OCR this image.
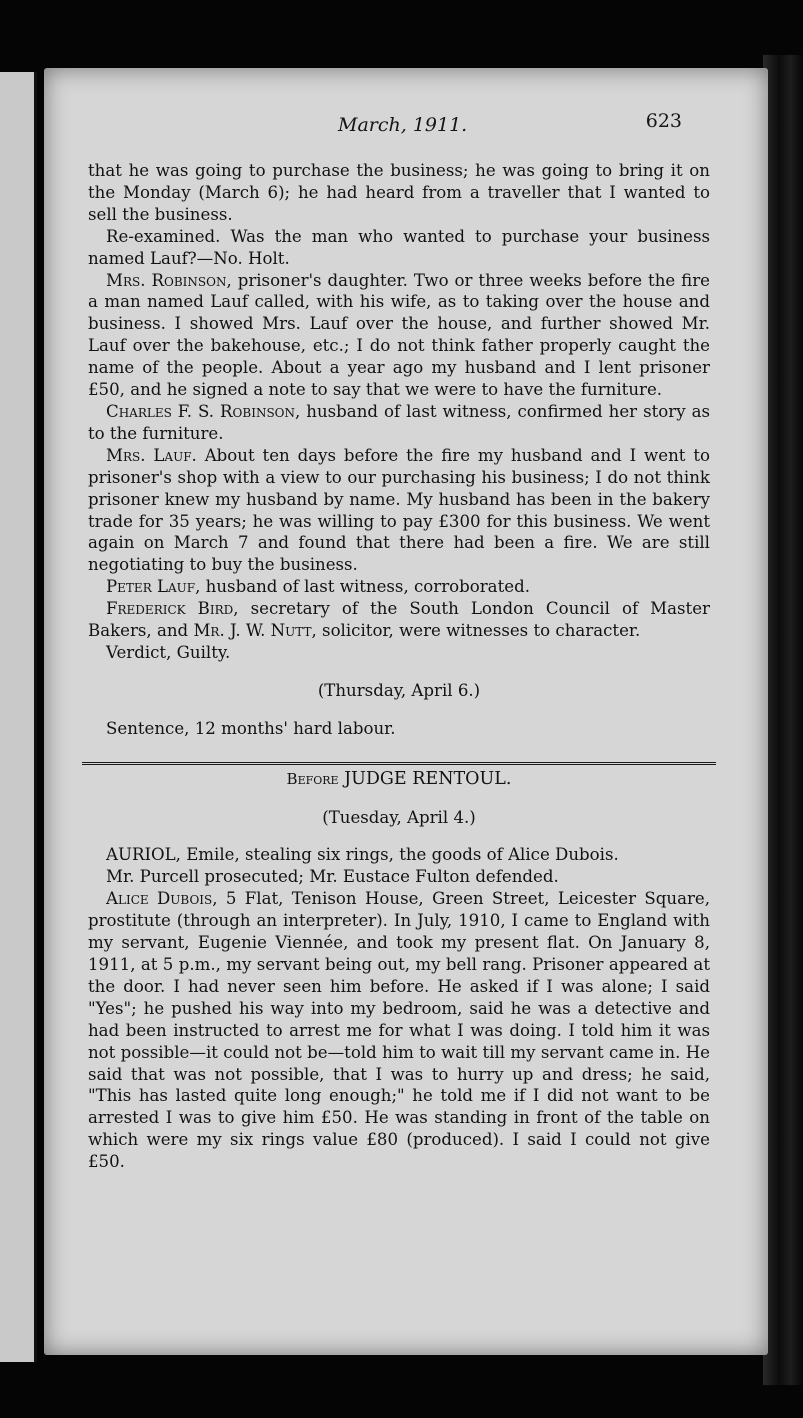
March, 1911.	623

that he was going to purchase the business; he was going to bring it on the Monday (March 6); he had heard from a traveller that I wanted to sell the business.

Re-examined. Was the man who wanted to purchase your business named Lauf?—No. Holt.

Mrs. Robinson, prisoner's daughter. Two or three weeks before the fire a man named Lauf called, with his wife, as to taking over the house and business. I showed Mrs. Lauf over the house, and further showed Mr. Lauf over the bakehouse, etc.; I do not think father properly caught the name of the people. About a year ago my husband and I lent prisoner £50, and he signed a note to say that we were to have the furniture.

Charles F. S. Robinson, husband of last witness, confirmed her story as to the furniture.

Mrs. Lauf. About ten days before the fire my husband and I went to prisoner's shop with a view to our purchasing his business; I do not think prisoner knew my husband by name. My husband has been in the bakery trade for 35 years; he was willing to pay £300 for this business. We went again on March 7 and found that there had been a fire. We are still negotiating to buy the business.

Peter Lauf, husband of last witness, corroborated.

Frederick Bird, secretary of the South London Council of Master Bakers, and Mr. J. W. Nutt, solicitor, were witnesses to character.

Verdict, Guilty.

(Thursday, April 6.)

Sentence, 12 months' hard labour.

Before JUDGE RENTOUL.

(Tuesday, April 4.)

AURIOL, Emile, stealing six rings, the goods of Alice Dubois.

Mr. Purcell prosecuted; Mr. Eustace Fulton defended.

Alice Dubois, 5 Flat, Tenison House, Green Street, Leicester Square, prostitute (through an interpreter). In July, 1910, I came to England with my servant, Eugenie Viennée, and took my present flat. On January 8, 1911, at 5 p.m., my servant being out, my bell rang. Prisoner appeared at the door. I had never seen him before. He asked if I was alone; I said "Yes"; he pushed his way into my bedroom, said he was a detective and had been instructed to arrest me for what I was doing. I told him it was not possible—it could not be—told him to wait till my servant came in. He said that was not possible, that I was to hurry up and dress; he said, "This has lasted quite long enough;" he told me if I did not want to be arrested I was to give him £50. He was standing in front of the table on which were my six rings value £80 (produced). I said I could not give £50.
